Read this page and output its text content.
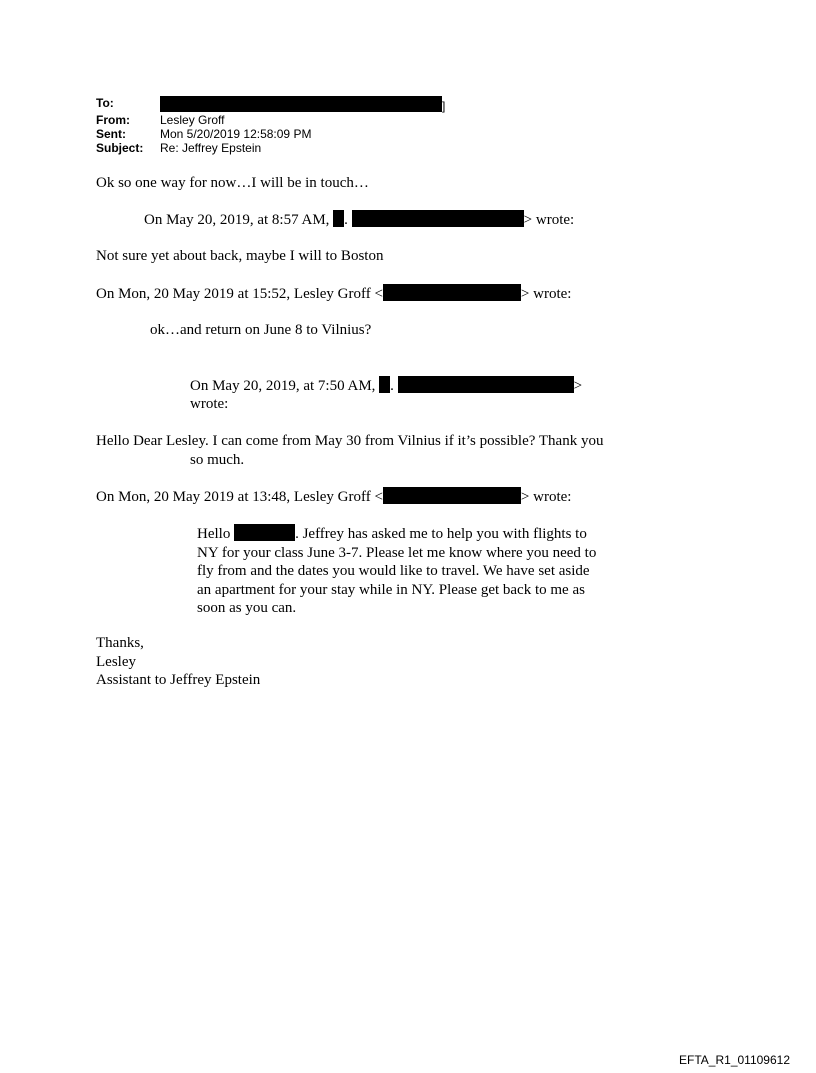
To:	]
From:	Lesley Groff
Sent:	Mon 5/20/2019 12:58:09 PM
Subject:	Re: Jeffrey Epstein
Ok so one way for now…I will be in touch…
On May 20, 2019, at 8:57 AM, .	> wrote:
Not sure yet about back, maybe I will to Boston
On Mon, 20 May 2019 at 15:52, Lesley Groff <	> wrote:
ok…and return on June 8 to Vilnius?
On May 20, 2019, at 7:50 AM, .	>
wrote:
Hello Dear Lesley. I can come from May 30 from Vilnius if it’s possible? Thank you
so much.
On Mon, 20 May 2019 at 13:48, Lesley Groff <	> wrote:
Hello	. Jeffrey has asked me to help you with flights to
NY for your class June 3-7. Please let me know where you need to
fly from and the dates you would like to travel. We have set aside
an apartment for your stay while in NY. Please get back to me as
soon as you can.
Thanks,
Lesley
Assistant to Jeffrey Epstein
EFTA_R1_01109612
